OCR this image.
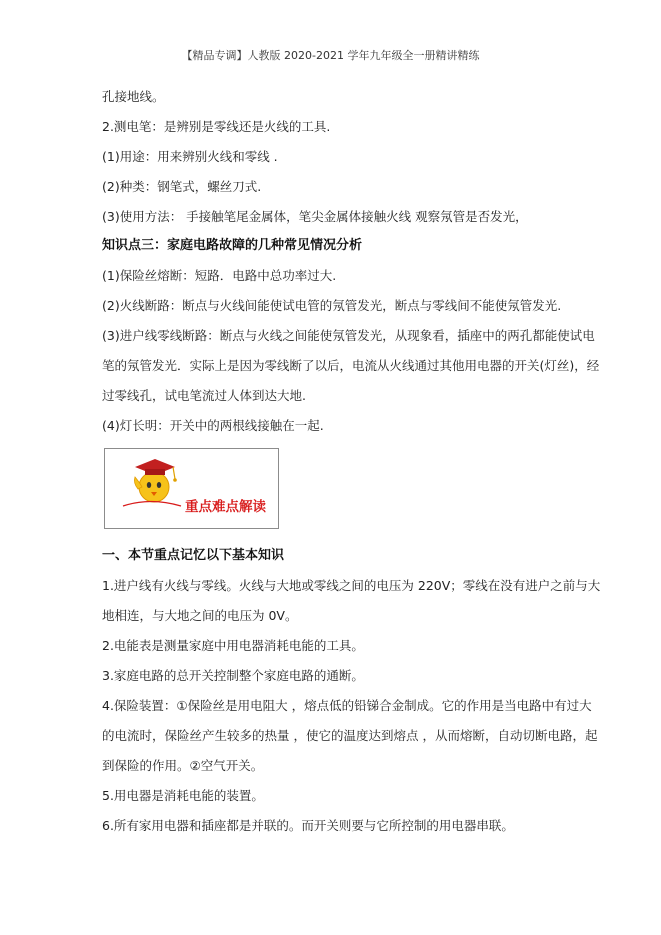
【精品专调】人教版 2020-2021 学年九年级全一册精讲精练
孔接地线。
2.测电笔：是辨别是零线还是火线的工具.
(1)用途：用来辨别火线和零线 .
(2)种类：钢笔式，螺丝刀式.
(3)使用方法： 手接触笔尾金属体，笔尖金属体接触火线 观察氖管是否发光，
知识点三：家庭电路故障的几种常见情况分析
(1)保险丝熔断：短路．电路中总功率过大.
(2)火线断路：断点与火线间能使试电管的氖管发光，断点与零线间不能使氖管发光.
(3)进户线零线断路：断点与火线之间能使氖管发光，从现象看，插座中的两孔都能使试电
笔的氖管发光．实际上是因为零线断了以后，电流从火线通过其他用电器的开关(灯丝)，经
过零线孔，试电笔流过人体到达大地.
(4)灯长明：开关中的两根线接触在一起.
重点难点解读
一、本节重点记忆以下基本知识
1.进户线有火线与零线。火线与大地或零线之间的电压为 220V；零线在没有进户之前与大
地相连，与大地之间的电压为 0V。
2.电能表是测量家庭中用电器消耗电能的工具。
3.家庭电路的总开关控制整个家庭电路的通断。
4.保险装置：①保险丝是用电阻大 ，熔点低的铅锑合金制成。它的作用是当电路中有过大
的电流时，保险丝产生较多的热量 ，使它的温度达到熔点 ，从而熔断，自动切断电路，起
到保险的作用。②空气开关。
5.用电器是消耗电能的装置。
6.所有家用电器和插座都是并联的。而开关则要与它所控制的用电器串联。
